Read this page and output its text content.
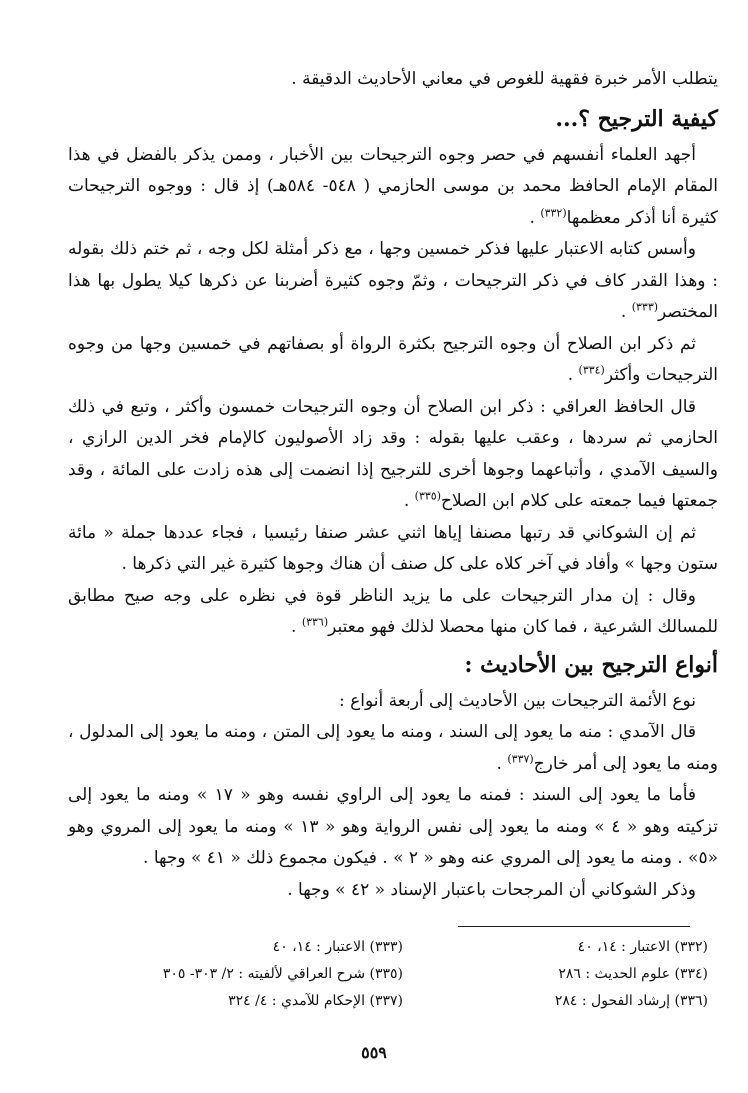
يتطلب الأمر خبرة فقهية للغوص في معاني الأحاديث الدقيقة .

كيفية الترجيح ؟...

أجهد العلماء أنفسهم في حصر وجوه الترجيحات بين الأخبار ، وممن يذكر بالفضل في هذا المقام الإمام الحافظ محمد بن موسى الحازمي ( ٥٤٨- ٥٨٤هـ) إذ قال : ووجوه الترجيحات كثيرة أنا أذكر معظمها$^{(٣٣٢)}$ .

وأسس كتابه الاعتبار عليها فذكر خمسين وجها ، مع ذكر أمثلة لكل وجه ، ثم ختم ذلك بقوله : وهذا القدر كاف في ذكر الترجيحات ، وثمّ وجوه كثيرة أضربنا عن ذكرها كيلا يطول بها هذا المختصر$^{(٣٣٣)}$ .

ثم ذكر ابن الصلاح أن وجوه الترجيح بكثرة الرواة أو بصفاتهم في خمسين وجها من وجوه الترجيحات وأكثر$^{(٣٣٤)}$ .

قال الحافظ العراقي : ذكر ابن الصلاح أن وجوه الترجيحات خمسون وأكثر ، وتبع في ذلك الحازمي ثم سردها ، وعقب عليها بقوله : وقد زاد الأصوليون كالإمام فخر الدين الرازي ، والسيف الآمدي ، وأتباعهما وجوها أخرى للترجيح إذا انضمت إلى هذه زادت على المائة ، وقد جمعتها فيما جمعته على كلام ابن الصلاح$^{(٣٣٥)}$ .

ثم إن الشوكاني قد رتبها مصنفا إياها اثني عشر صنفا رئيسيا ، فجاء عددها جملة « مائة ستون وجها » وأفاد في آخر كلاه على كل صنف أن هناك وجوها كثيرة غير التي ذكرها .

وقال : إن مدار الترجيحات على ما يزيد الناظر قوة في نظره على وجه صيح مطابق للمسالك الشرعية ، فما كان منها محصلا لذلك فهو معتبر$^{(٣٣٦)}$ .

أنواع الترجيح بين الأحاديث :

نوع الأئمة الترجيحات بين الأحاديث إلى أربعة أنواع :

قال الآمدي : منه ما يعود إلى السند ، ومنه ما يعود إلى المتن ، ومنه ما يعود إلى المدلول ، ومنه ما يعود إلى أمر خارج$^{(٣٣٧)}$ .

فأما ما يعود إلى السند : فمنه ما يعود إلى الراوي نفسه وهو « ١٧ » ومنه ما يعود إلى تزكيته وهو « ٤ » ومنه ما يعود إلى نفس الرواية وهو « ١٣ » ومنه ما يعود إلى المروي وهو «٥» . ومنه ما يعود إلى المروي عنه وهو « ٢ » . فيكون مجموع ذلك « ٤١ » وجها .

وذكر الشوكاني أن المرجحات باعتبار الإسناد « ٤٢ » وجها .

(٣٣٢) الاعتبار : ١٤، ٤٠
(٣٣٣) الاعتبار : ١٤، ٤٠
(٣٣٤) علوم الحديث : ٢٨٦
(٣٣٥) شرح العراقي لألفيته : ٢/ ٣٠٣- ٣٠٥
(٣٣٦) إرشاد الفحول : ٢٨٤
(٣٣٧) الإحكام للآمدي : ٤/ ٣٢٤
٥٥٩
